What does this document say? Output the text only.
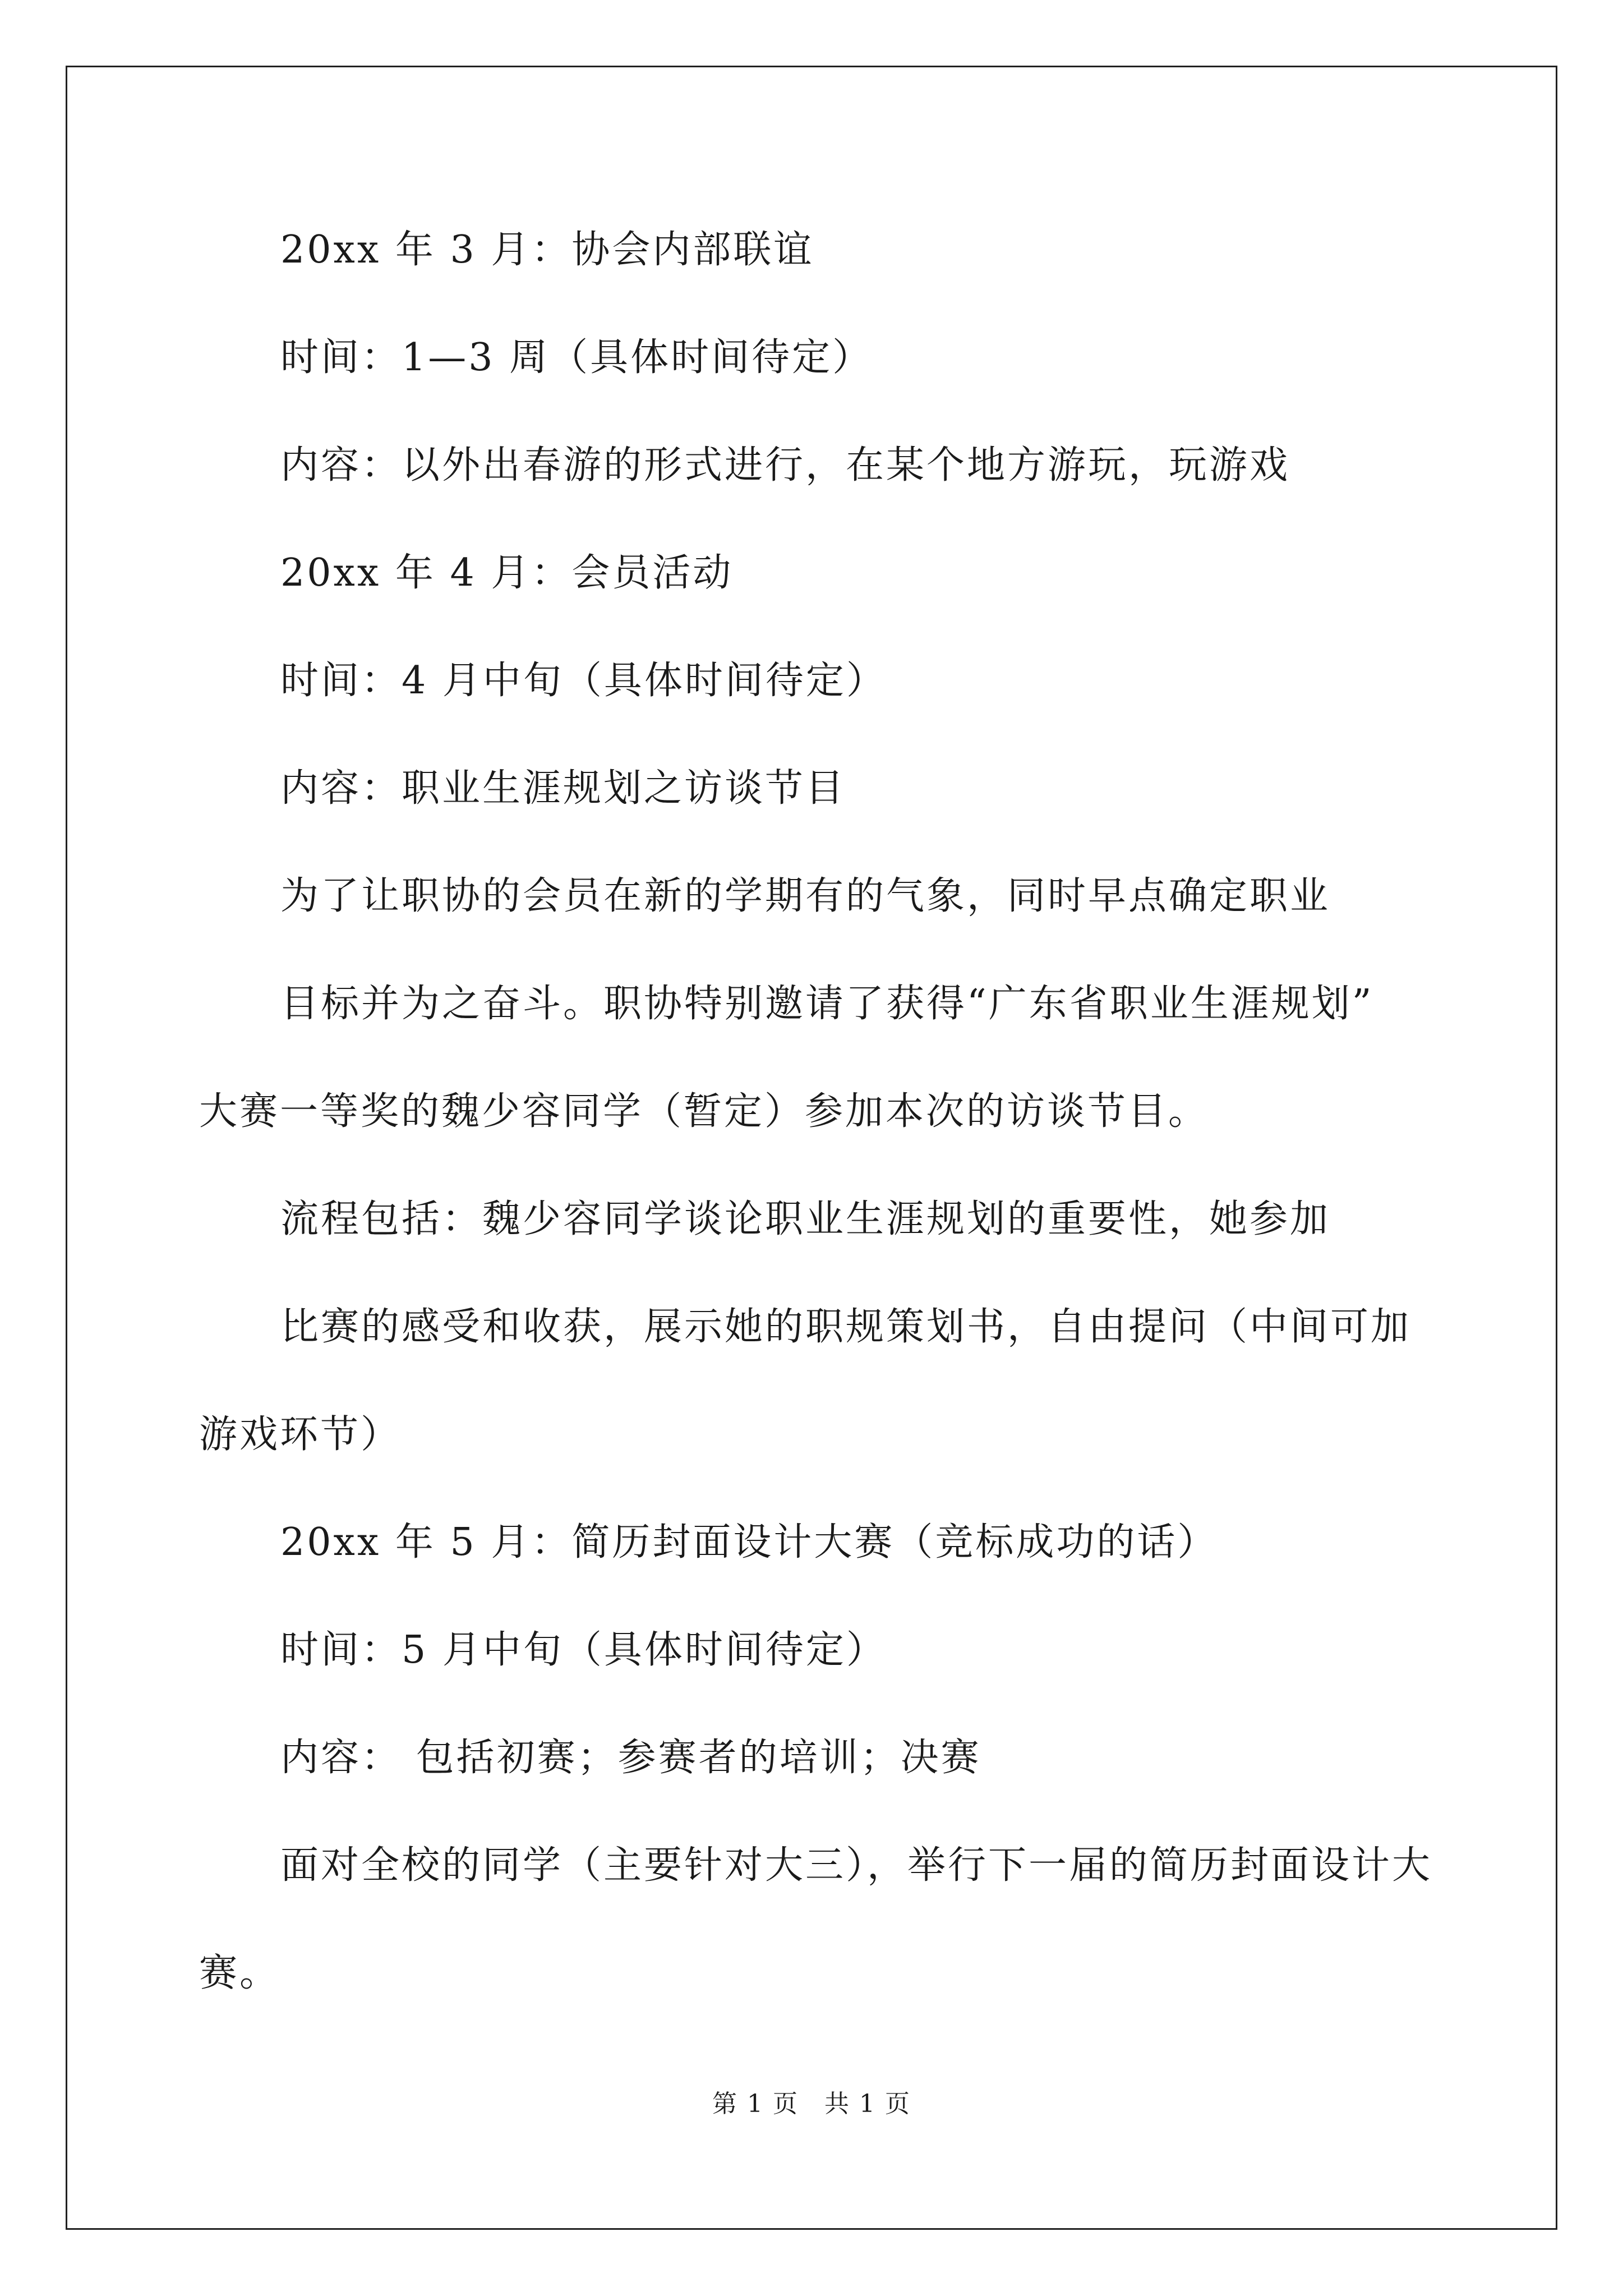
20xx 年 3 月：协会内部联谊
时间：1—3 周（具体时间待定）
内容：以外出春游的形式进行，在某个地方游玩，玩游戏
20xx 年 4 月：会员活动
时间：4 月中旬（具体时间待定）
内容：职业生涯规划之访谈节目
为了让职协的会员在新的学期有的气象，同时早点确定职业
目标并为之奋斗。职协特别邀请了获得“广东省职业生涯规划”
大赛一等奖的魏少容同学（暂定）参加本次的访谈节目。
流程包括：魏少容同学谈论职业生涯规划的重要性，她参加
比赛的感受和收获，展示她的职规策划书，自由提问（中间可加
游戏环节）
20xx 年 5 月：简历封面设计大赛（竞标成功的话）
时间：5 月中旬（具体时间待定）
内容： 包括初赛；参赛者的培训；决赛
面对全校的同学（主要针对大三），举行下一届的简历封面设计大
赛。
第 1 页　共 1 页
